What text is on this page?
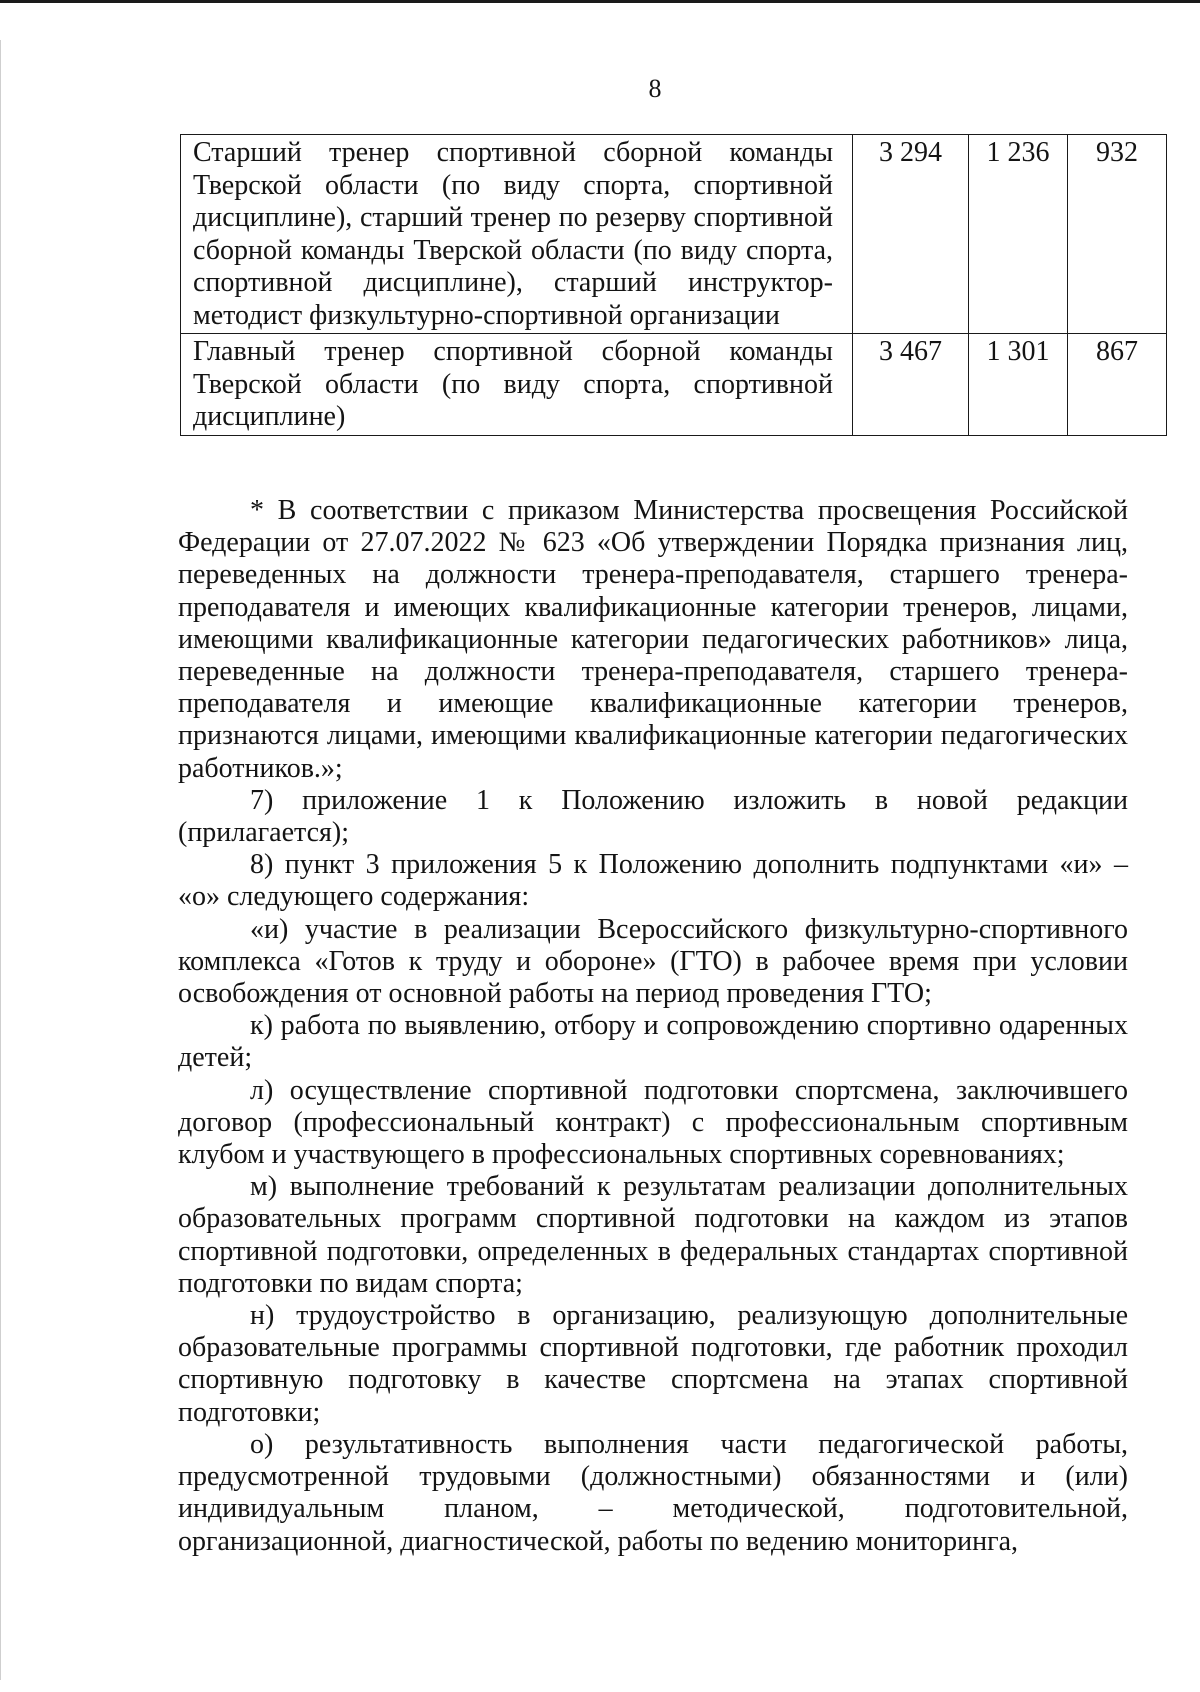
8
Старший тренер спортивной сборной команды Тверской области (по виду спорта, спортивной дисциплине), старший тренер по резерву спортивной сборной команды Тверской области (по виду спорта, спортивной дисциплине), старший инструктор-методист физкультурно-спортивной организации	3 294	1 236	932
Главный тренер спортивной сборной команды Тверской области (по виду спорта, спортивной дисциплине)	3 467	1 301	867

* В соответствии с приказом Министерства просвещения Российской Федерации от 27.07.2022 № 623 «Об утверждении Порядка признания лиц, переведенных на должности тренера-преподавателя, старшего тренера-преподавателя и имеющих квалификационные категории тренеров, лицами, имеющими квалификационные категории педагогических работников» лица, переведенные на должности тренера-преподавателя, старшего тренера-преподавателя и имеющие квалификационные категории тренеров, признаются лицами, имеющими квалификационные категории педагогических работников.»;

7) приложение 1 к Положению изложить в новой редакции (прилагается);

8) пункт 3 приложения 5 к Положению дополнить подпунктами «и» – «о» следующего содержания:

«и) участие в реализации Всероссийского физкультурно-спортивного комплекса «Готов к труду и обороне» (ГТО) в рабочее время при условии освобождения от основной работы на период проведения ГТО;

к) работа по выявлению, отбору и сопровождению спортивно одаренных детей;

л) осуществление спортивной подготовки спортсмена, заключившего договор (профессиональный контракт) с профессиональным спортивным клубом и участвующего в профессиональных спортивных соревнованиях;

м) выполнение требований к результатам реализации дополнительных образовательных программ спортивной подготовки на каждом из этапов спортивной подготовки, определенных в федеральных стандартах спортивной подготовки по видам спорта;

н) трудоустройство в организацию, реализующую дополнительные образовательные программы спортивной подготовки, где работник проходил спортивную подготовку в качестве спортсмена на этапах спортивной подготовки;

о) результативность выполнения части педагогической работы, предусмотренной трудовыми (должностными) обязанностями и (или) индивидуальным планом, – методической, подготовительной, организационной, диагностической, работы по ведению мониторинга,
